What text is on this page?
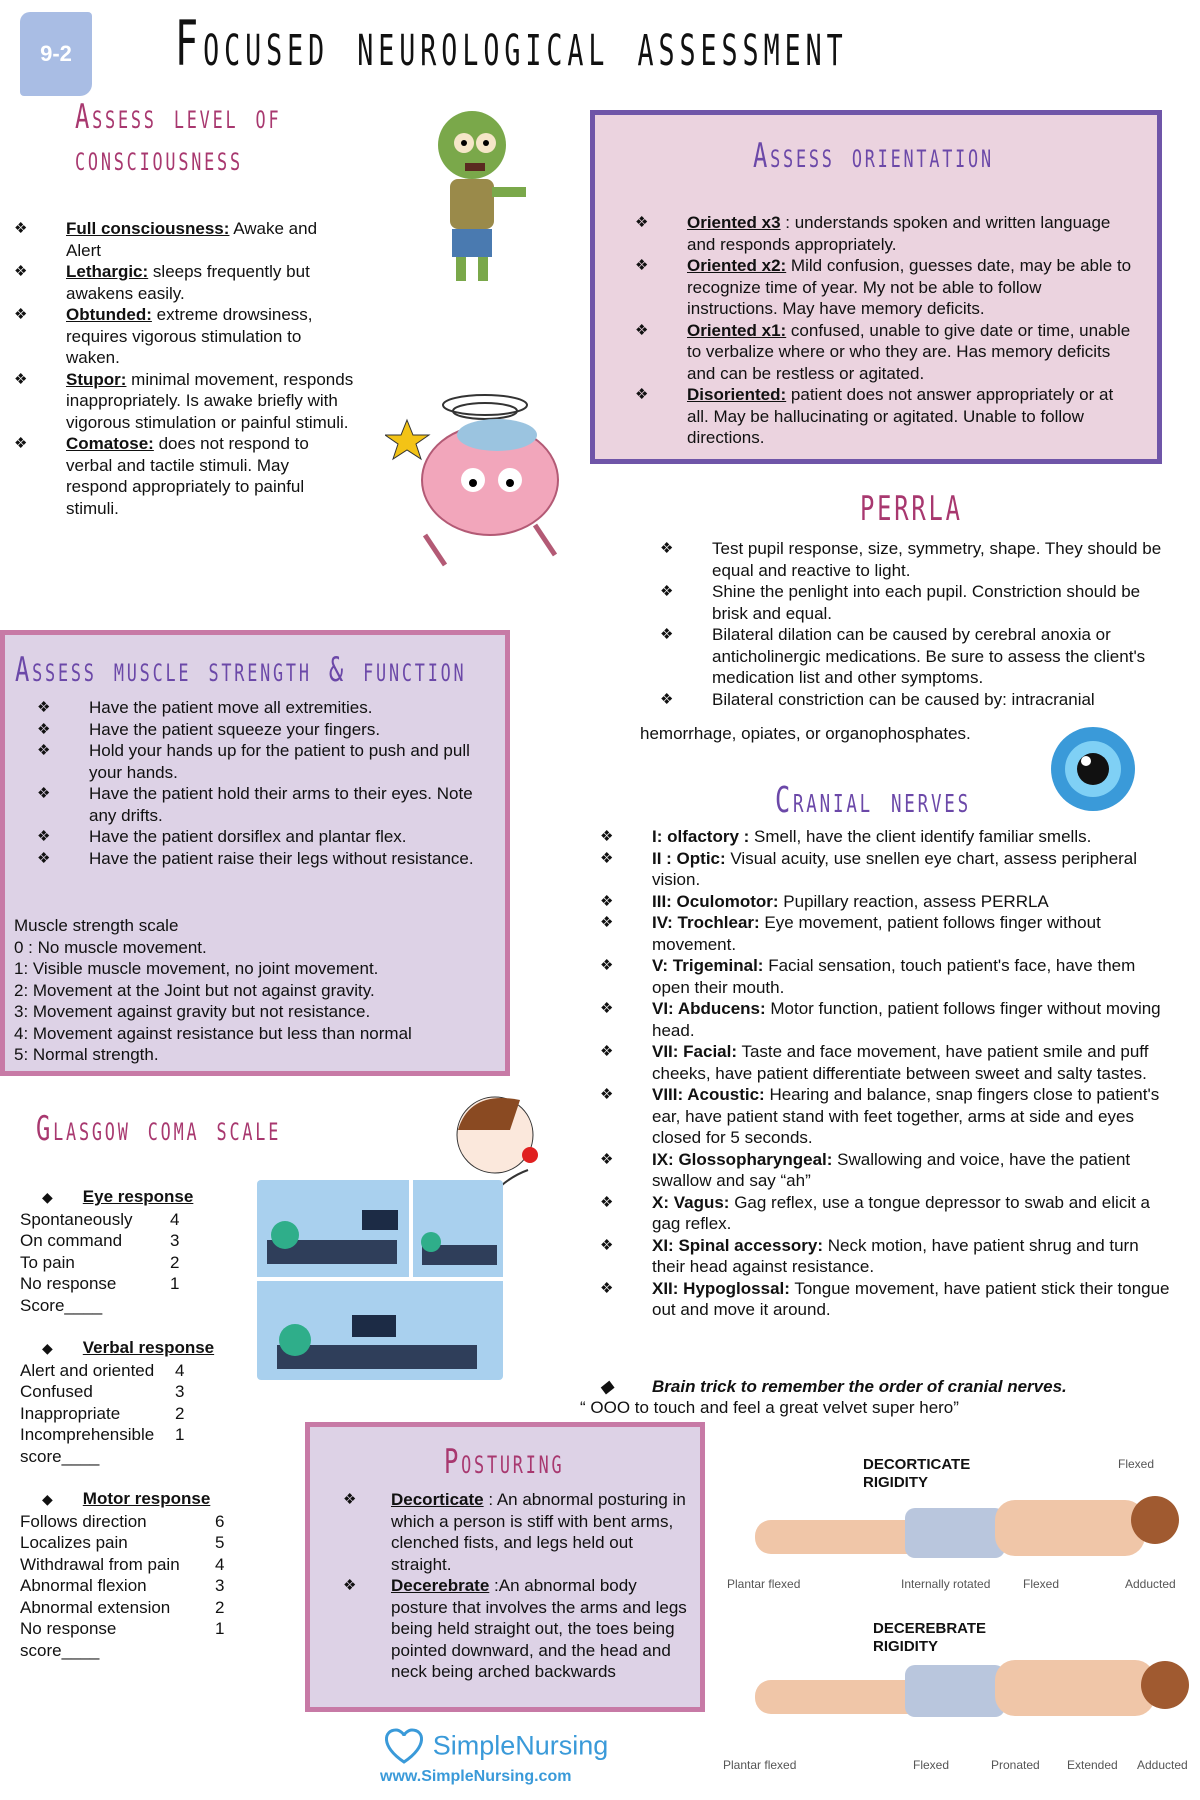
9-2 Focused neurological assessment
Assess level of
consciousness
❖ Full consciousness: Awake and Alert
❖ Lethargic: sleeps frequently but awakens easily.
❖ Obtunded: extreme drowsiness, requires vigorous stimulation to waken.
❖ Stupor: minimal movement, responds inappropriately. Is awake briefly with vigorous stimulation or painful stimuli.
❖ Comatose: does not respond to verbal and tactile stimuli. May respond appropriately to painful stimuli.
Assess orientation
❖ Oriented x3 : understands spoken and written language and responds appropriately.
❖ Oriented x2: Mild confusion, guesses date, may be able to recognize time of year. My not be able to follow instructions. May have memory deficits.
❖ Oriented x1: confused, unable to give date or time, unable to verbalize where or who they are. Has memory deficits and can be restless or agitated.
❖ Disoriented: patient does not answer appropriately or at all. May be hallucinating or agitated. Unable to follow directions.
PERRLA
❖ Test pupil response, size, symmetry, shape. They should be equal and reactive to light.
❖ Shine the penlight into each pupil. Constriction should be brisk and equal.
❖ Bilateral dilation can be caused by cerebral anoxia or anticholinergic medications. Be sure to assess the client's medication list and other symptoms.
❖ Bilateral constriction can be caused by: intracranial
hemorrhage, opiates, or organophosphates.
Assess muscle strength & function
❖ Have the patient move all extremities.
❖ Have the patient squeeze your fingers.
❖ Hold your hands up for the patient to push and pull your hands.
❖ Have the patient hold their arms to their eyes. Note any drifts.
❖ Have the patient dorsiflex and plantar flex.
❖ Have the patient raise their legs without resistance.
Muscle strength scale
0 : No muscle movement.
1: Visible muscle movement, no joint movement.
2: Movement at the Joint but not against gravity.
3: Movement against gravity but not resistance.
4: Movement against resistance but less than normal
5: Normal strength.
Cranial nerves
❖ I: olfactory : Smell, have the client identify familiar smells.
❖ II : Optic: Visual acuity, use snellen eye chart, assess peripheral vision.
❖ III: Oculomotor: Pupillary reaction, assess PERRLA
❖ IV: Trochlear: Eye movement, patient follows finger without movement.
❖ V: Trigeminal: Facial sensation, touch patient's face, have them open their mouth.
❖ VI: Abducens: Motor function, patient follows finger without moving head.
❖ VII: Facial: Taste and face movement, have patient smile and puff cheeks, have patient differentiate between sweet and salty tastes.
❖ VIII: Acoustic: Hearing and balance, snap fingers close to patient's ear, have patient stand with feet together, arms at side and eyes closed for 5 seconds.
❖ IX: Glossopharyngeal: Swallowing and voice, have the patient swallow and say “ah”
❖ X: Vagus: Gag reflex, use a tongue depressor to swab and elicit a gag reflex.
❖ XI: Spinal accessory: Neck motion, have patient shrug and turn their head against resistance.
❖ XII: Hypoglossal: Tongue movement, have patient stick their tongue out and move it around.
◆ Brain trick to remember the order of cranial nerves.
“ OOO to touch and feel a great velvet super hero”
Glasgow coma scale
◆ Eye response
Spontaneously	4
On command	3
To pain	2
No response	1
Score____
◆ Verbal response
Alert and oriented	4
Confused	3
Inappropriate	2
Incomprehensible	1
score____
◆ Motor response
Follows direction	6
Localizes pain	5
Withdrawal from pain	4
Abnormal flexion	3
Abnormal extension	2
No response	1
score____
Posturing
❖ Decorticate : An abnormal posturing in which a person is stiff with bent arms, clenched fists, and legs held out straight.
❖ Decerebrate :An abnormal body posture that involves the arms and legs being held straight out, the toes being pointed downward, and the head and neck being arched backwards
DECORTICATE
RIGIDITY
Flexed
Plantar flexed	Internally rotated	Flexed	Adducted
DECEREBRATE
RIGIDITY
Plantar flexed	Flexed	Pronated Extended Adducted
SimpleNursing
www.SimpleNursing.com
